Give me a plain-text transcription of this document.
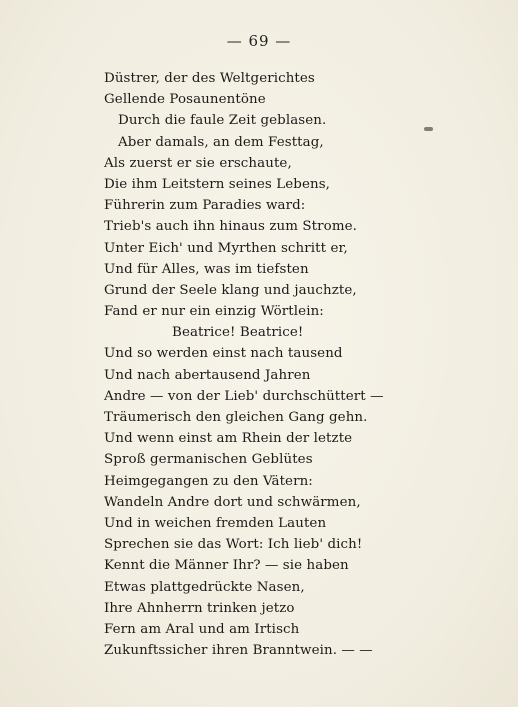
— 69 —
Düstrer, der des Weltgerichtes
Gellende Posaunentöne
Durch die faule Zeit geblasen.
Aber damals, an dem Festtag,
Als zuerst er sie erschaute,
Die ihm Leitstern seines Lebens,
Führerin zum Paradies ward:
Trieb's auch ihn hinaus zum Strome.
Unter Eich' und Myrthen schritt er,
Und für Alles, was im tiefsten
Grund der Seele klang und jauchzte,
Fand er nur ein einzig Wörtlein:
Beatrice! Beatrice!
Und so werden einst nach tausend
Und nach abertausend Jahren
Andre — von der Lieb' durchschüttert —
Träumerisch den gleichen Gang gehn.
Und wenn einst am Rhein der letzte
Sproß germanischen Geblütes
Heimgegangen zu den Vätern:
Wandeln Andre dort und schwärmen,
Und in weichen fremden Lauten
Sprechen sie das Wort: Ich lieb' dich!
Kennt die Männer Ihr? — sie haben
Etwas plattgedrückte Nasen,
Ihre Ahnherrn trinken jetzo
Fern am Aral und am Irtisch
Zukunftssicher ihren Branntwein. — —
